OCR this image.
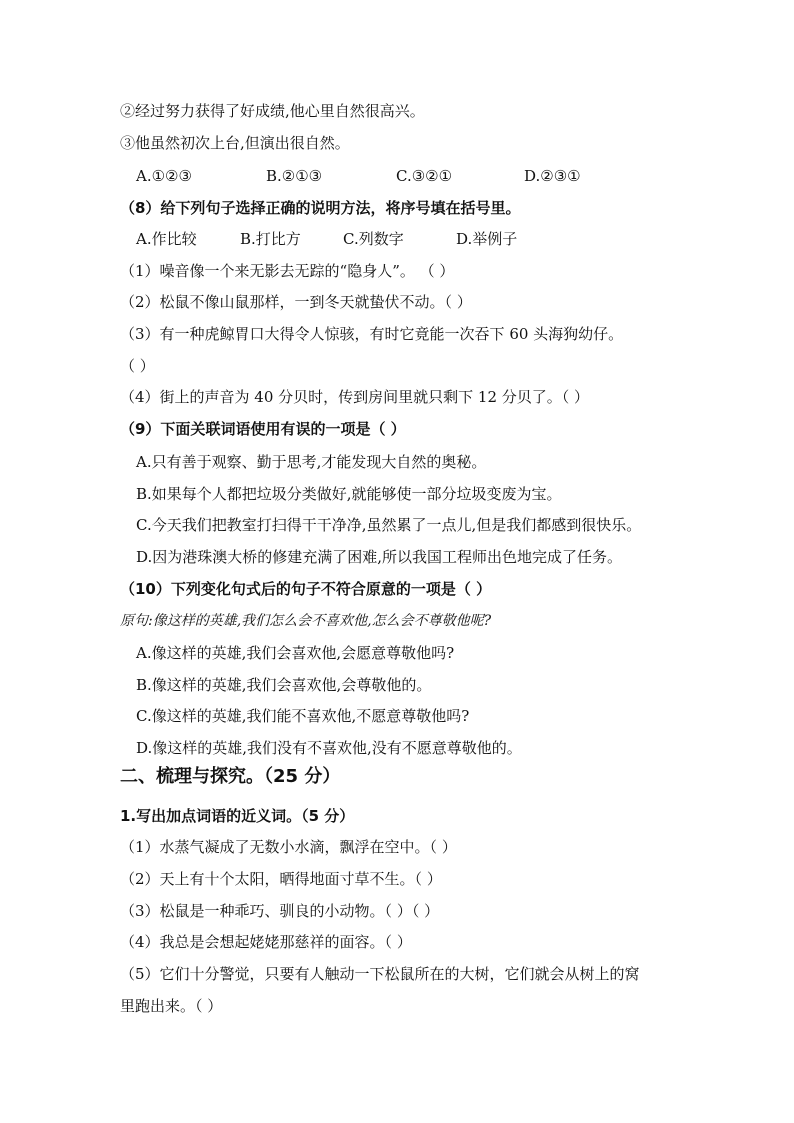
②经过努力获得了好成绩,他心里自然很高兴。
③他虽然初次上台,但演出很自然。
A.①②③	B.②①③	C.③②①	D.②③①
（8）给下列句子选择正确的说明方法，将序号填在括号里。
A.作比较	B.打比方	C.列数字	D.举例子
（1）噪音像一个来无影去无踪的“隐身人”。 （ ）
（2）松鼠不像山鼠那样，一到冬天就蛰伏不动。（ ）
（3）有一种虎鲸胃口大得令人惊骇，有时它竟能一次吞下 60 头海狗幼仔。
（ ）
（4）街上的声音为 40 分贝时，传到房间里就只剩下 12 分贝了。（ ）
（9）下面关联词语使用有误的一项是（ ）
A.只有善于观察、勤于思考,才能发现大自然的奥秘。
B.如果每个人都把垃圾分类做好,就能够使一部分垃圾变废为宝。
C.今天我们把教室打扫得干干净净,虽然累了一点儿,但是我们都感到很快乐。
D.因为港珠澳大桥的修建充满了困难,所以我国工程师出色地完成了任务。
（10）下列变化句式后的句子不符合原意的一项是（ ）
原句:像这样的英雄,我们怎么会不喜欢他,怎么会不尊敬他呢?
A.像这样的英雄,我们会喜欢他,会愿意尊敬他吗?
B.像这样的英雄,我们会喜欢他,会尊敬他的。
C.像这样的英雄,我们能不喜欢他,不愿意尊敬他吗?
D.像这样的英雄,我们没有不喜欢他,没有不愿意尊敬他的。
二、梳理与探究。（25 分）
1.写出加点词语的近义词。（5 分）
（1）水蒸气凝成了无数小水滴，飘浮在空中。（ ）
（2）天上有十个太阳，晒得地面寸草不生。（ ）
（3）松鼠是一种乖巧、驯良的小动物。（ ）（ ）
（4）我总是会想起姥姥那慈祥的面容。（ ）
（5）它们十分警觉，只要有人触动一下松鼠所在的大树，它们就会从树上的窝
里跑出来。（ ）
